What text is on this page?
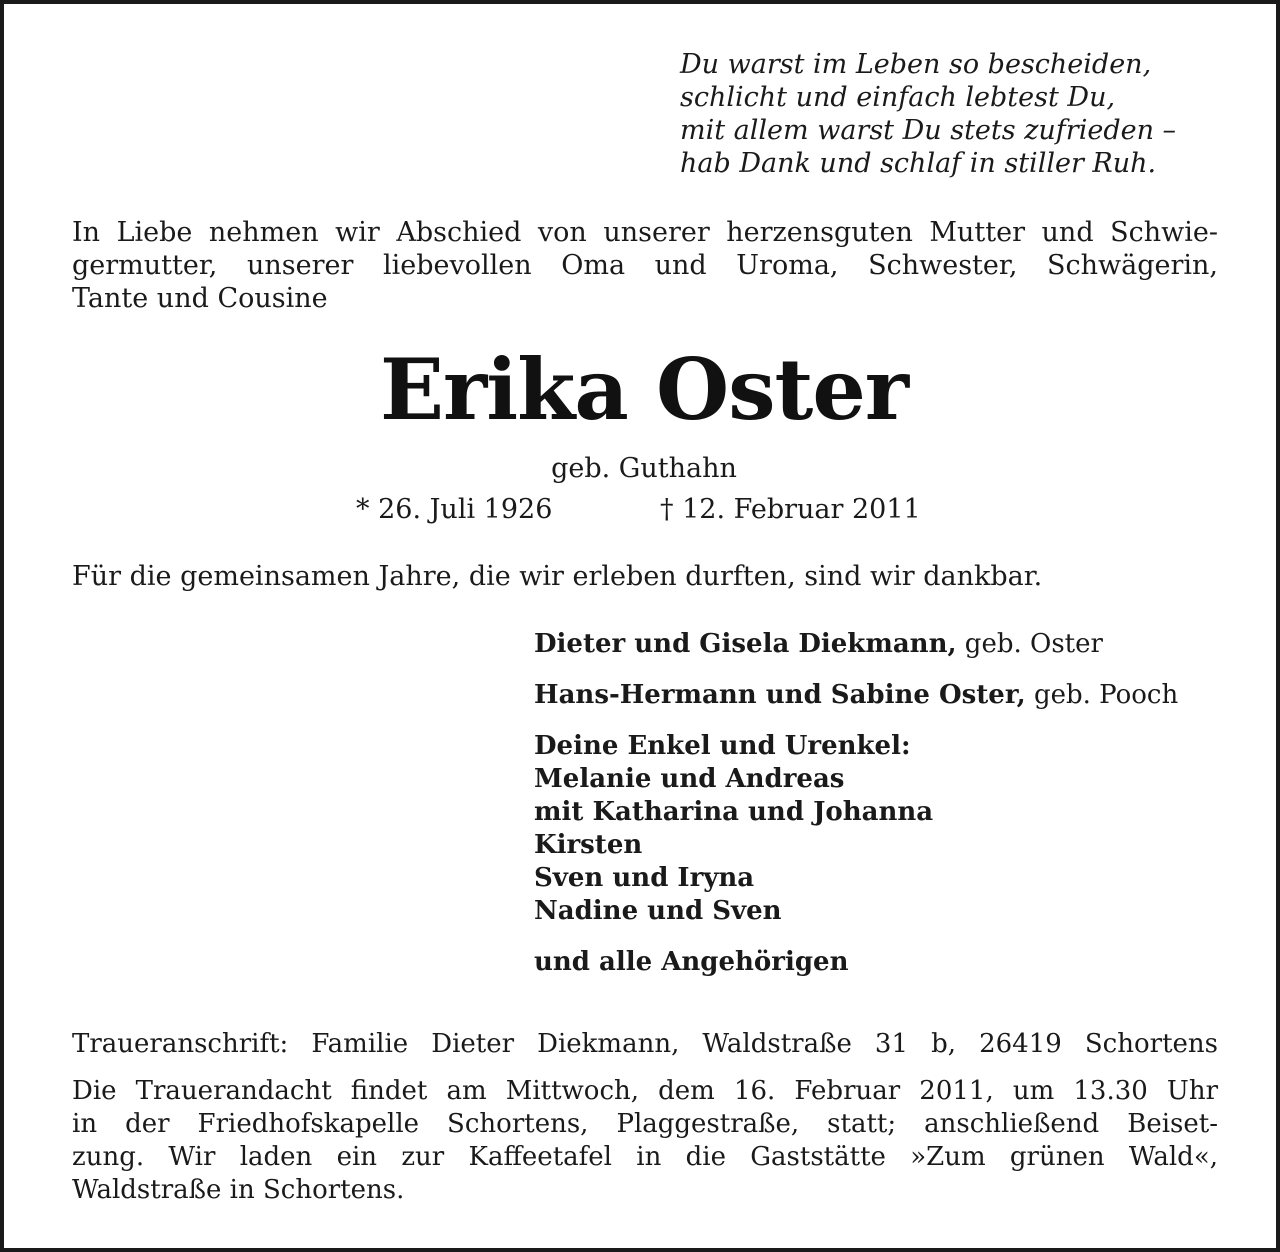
Du warst im Leben so bescheiden,
schlicht und einfach lebtest Du,
mit allem warst Du stets zufrieden –
hab Dank und schlaf in stiller Ruh.
In Liebe nehmen wir Abschied von unserer herzensguten Mutter und Schwie-
germutter, unserer liebevollen Oma und Uroma, Schwester, Schwägerin,
Tante und Cousine
Erika Oster
geb. Guthahn
* 26. Juli 1926	† 12. Februar 2011
Für die gemeinsamen Jahre, die wir erleben durften, sind wir dankbar.
Dieter und Gisela Diekmann, geb. Oster
Hans-Hermann und Sabine Oster, geb. Pooch
Deine Enkel und Urenkel:
Melanie und Andreas
mit Katharina und Johanna
Kirsten
Sven und Iryna
Nadine und Sven
und alle Angehörigen
Traueranschrift: Familie Dieter Diekmann, Waldstraße 31 b, 26419 Schortens
Die Trauerandacht findet am Mittwoch, dem 16. Februar 2011, um 13.30 Uhr
in der Friedhofskapelle Schortens, Plaggestraße, statt; anschließend Beiset-
zung. Wir laden ein zur Kaffeetafel in die Gaststätte »Zum grünen Wald«,
Waldstraße in Schortens.
